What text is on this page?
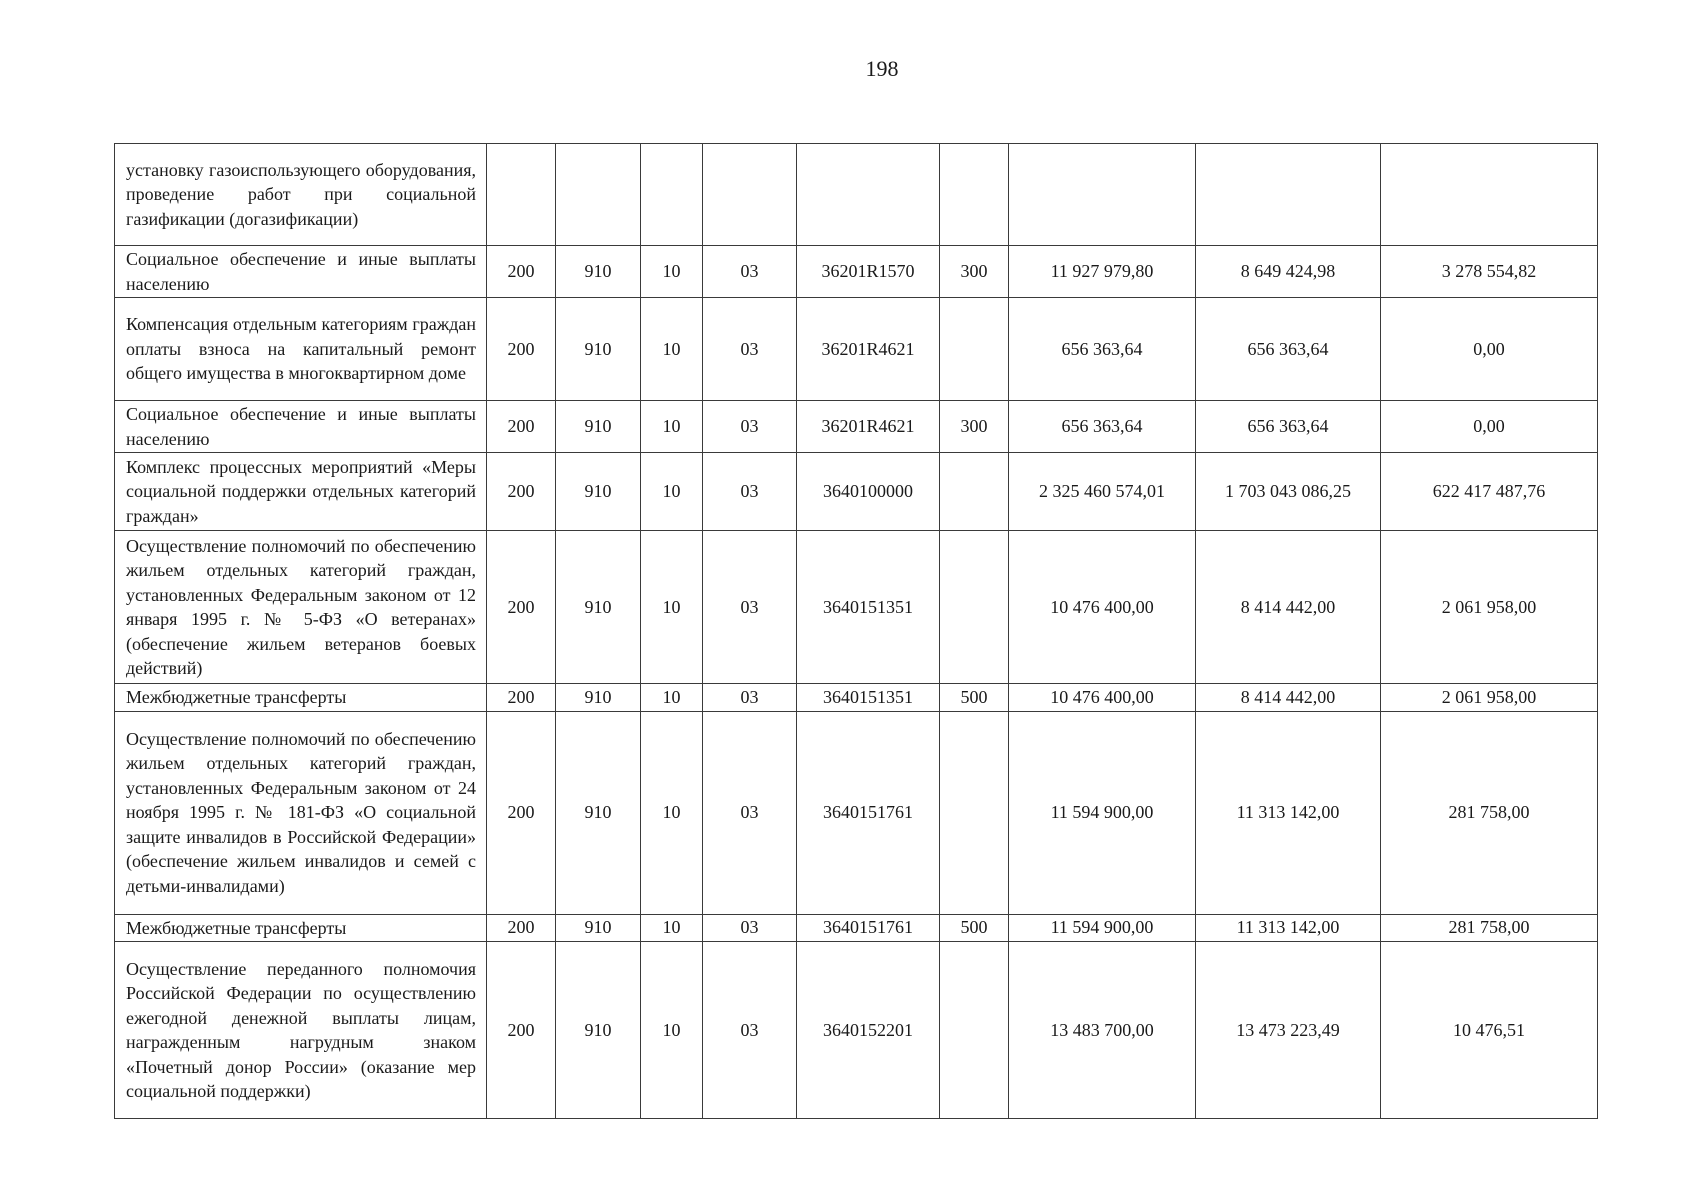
198
установку газоиспользующего оборудования, проведение работ при социальной газификации (догазификации)									
Социальное обеспечение и иные выплаты населению	200	910	10	03	36201R1570	300	11 927 979,80	8 649 424,98	3 278 554,82
Компенсация отдельным категориям граждан оплаты взноса на капитальный ремонт общего имущества в многоквартирном доме	200	910	10	03	36201R4621		656 363,64	656 363,64	0,00
Социальное обеспечение и иные выплаты населению	200	910	10	03	36201R4621	300	656 363,64	656 363,64	0,00
Комплекс процессных мероприятий «Меры социальной поддержки отдельных категорий граждан»	200	910	10	03	3640100000		2 325 460 574,01	1 703 043 086,25	622 417 487,76
Осуществление полномочий по обеспечению жильем отдельных категорий граждан, установленных Федеральным законом от 12 января 1995 г. № 5-ФЗ «О ветеранах» (обеспечение жильем ветеранов боевых действий)	200	910	10	03	3640151351		10 476 400,00	8 414 442,00	2 061 958,00
Межбюджетные трансферты	200	910	10	03	3640151351	500	10 476 400,00	8 414 442,00	2 061 958,00
Осуществление полномочий по обеспечению жильем отдельных категорий граждан, установленных Федеральным законом от 24 ноября 1995 г. № 181-ФЗ «О социальной защите инвалидов в Российской Федерации» (обеспечение жильем инвалидов и семей с детьми-инвалидами)	200	910	10	03	3640151761		11 594 900,00	11 313 142,00	281 758,00
Межбюджетные трансферты	200	910	10	03	3640151761	500	11 594 900,00	11 313 142,00	281 758,00
Осуществление переданного полномочия Российской Федерации по осуществлению ежегодной денежной выплаты лицам, награжденным нагрудным знаком «Почетный донор России» (оказание мер социальной поддержки)	200	910	10	03	3640152201		13 483 700,00	13 473 223,49	10 476,51
